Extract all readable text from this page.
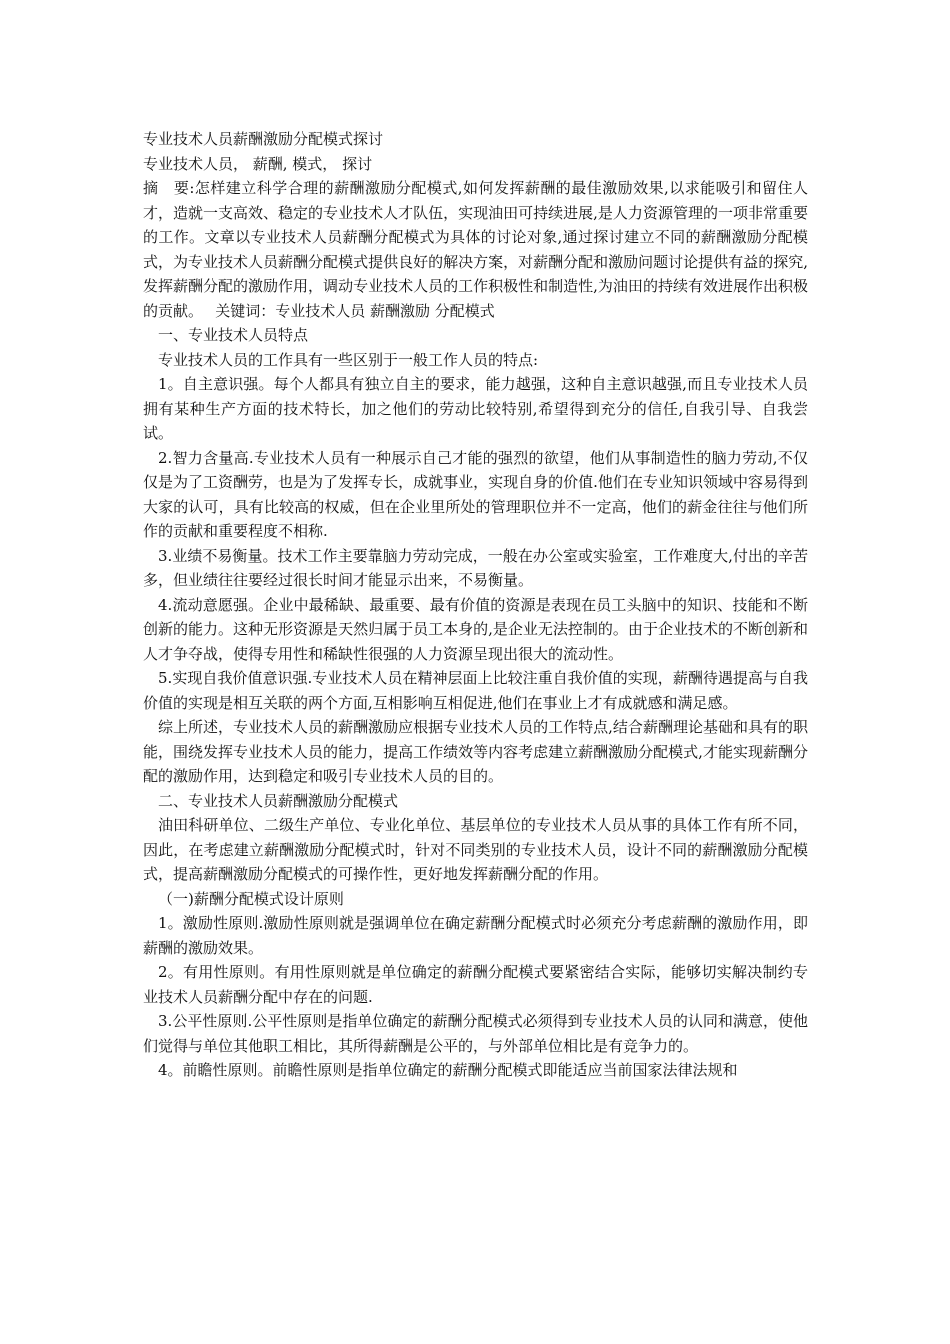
专业技术人员薪酬激励分配模式探讨

专业技术人员， 薪酬, 模式， 探讨

摘　要:怎样建立科学合理的薪酬激励分配模式,如何发挥薪酬的最佳激励效果,以求能吸引和留住人才，造就一支高效、稳定的专业技术人才队伍，实现油田可持续进展,是人力资源管理的一项非常重要的工作。文章以专业技术人员薪酬分配模式为具体的讨论对象,通过探讨建立不同的薪酬激励分配模式，为专业技术人员薪酬分配模式提供良好的解决方案，对薪酬分配和激励问题讨论提供有益的探究,发挥薪酬分配的激励作用，调动专业技术人员的工作积极性和制造性,为油田的持续有效进展作出积极的贡献。　 关键词：专业技术人员 薪酬激励 分配模式

一、专业技术人员特点

专业技术人员的工作具有一些区别于一般工作人员的特点:

1。自主意识强。每个人都具有独立自主的要求，能力越强，这种自主意识越强,而且专业技术人员拥有某种生产方面的技术特长，加之他们的劳动比较特别,希望得到充分的信任,自我引导、自我尝试。

2.智力含量高.专业技术人员有一种展示自己才能的强烈的欲望，他们从事制造性的脑力劳动,不仅仅是为了工资酬劳，也是为了发挥专长，成就事业，实现自身的价值.他们在专业知识领域中容易得到大家的认可，具有比较高的权威，但在企业里所处的管理职位并不一定高，他们的薪金往往与他们所作的贡献和重要程度不相称.

3.业绩不易衡量。技术工作主要靠脑力劳动完成，一般在办公室或实验室，工作难度大,付出的辛苦多，但业绩往往要经过很长时间才能显示出来，不易衡量。

4.流动意愿强。企业中最稀缺、最重要、最有价值的资源是表现在员工头脑中的知识、技能和不断创新的能力。这种无形资源是天然归属于员工本身的,是企业无法控制的。由于企业技术的不断创新和人才争夺战，使得专用性和稀缺性很强的人力资源呈现出很大的流动性。

5.实现自我价值意识强.专业技术人员在精神层面上比较注重自我价值的实现，薪酬待遇提高与自我价值的实现是相互关联的两个方面,互相影响互相促进,他们在事业上才有成就感和满足感。

综上所述，专业技术人员的薪酬激励应根据专业技术人员的工作特点,结合薪酬理论基础和具有的职能，围绕发挥专业技术人员的能力，提高工作绩效等内容考虑建立薪酬激励分配模式,才能实现薪酬分配的激励作用，达到稳定和吸引专业技术人员的目的。

二、专业技术人员薪酬激励分配模式

油田科研单位、二级生产单位、专业化单位、基层单位的专业技术人员从事的具体工作有所不同，因此，在考虑建立薪酬激励分配模式时，针对不同类别的专业技术人员，设计不同的薪酬激励分配模式，提高薪酬激励分配模式的可操作性，更好地发挥薪酬分配的作用。

（一)薪酬分配模式设计原则

1。激励性原则.激励性原则就是强调单位在确定薪酬分配模式时必须充分考虑薪酬的激励作用，即薪酬的激励效果。

2。有用性原则。有用性原则就是单位确定的薪酬分配模式要紧密结合实际，能够切实解决制约专业技术人员薪酬分配中存在的问题.

3.公平性原则.公平性原则是指单位确定的薪酬分配模式必须得到专业技术人员的认同和满意，使他们觉得与单位其他职工相比，其所得薪酬是公平的，与外部单位相比是有竞争力的。

4。前瞻性原则。前瞻性原则是指单位确定的薪酬分配模式即能适应当前国家法律法规和
